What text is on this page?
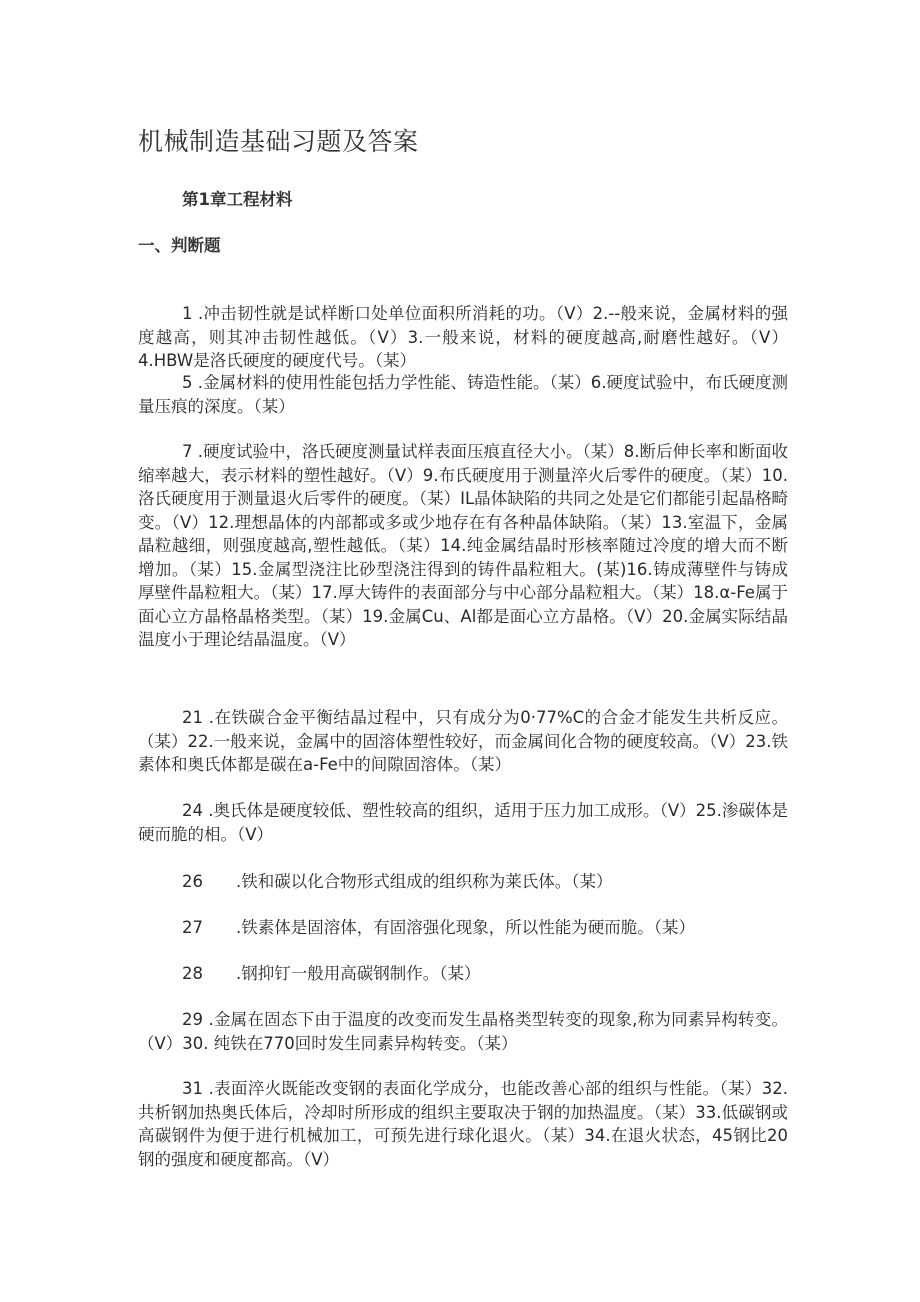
机械制造基础习题及答案
第1章工程材料
一、判断题

1 .冲击韧性就是试样断口处单位面积所消耗的功。（V）2.--般来说，金属材料的强度越高，则其冲击韧性越低。（V）3.一般来说，材料的硬度越高,耐磨性越好。（V）4.HBW是洛氏硬度的硬度代号。（某）

5 .金属材料的使用性能包括力学性能、铸造性能。（某）6.硬度试验中，布氏硬度测量压痕的深度。（某）

7 .硬度试验中，洛氏硬度测量试样表面压痕直径大小。（某）8.断后伸长率和断面收缩率越大，表示材料的塑性越好。（V）9.布氏硬度用于测量淬火后零件的硬度。（某）10.洛氏硬度用于测量退火后零件的硬度。（某）IL晶体缺陷的共同之处是它们都能引起晶格畸变。（V）12.理想晶体的内部都或多或少地存在有各种晶体缺陷。（某）13.室温下，金属晶粒越细，则强度越高,塑性越低。（某）14.纯金属结晶时形核率随过冷度的增大而不断增加。（某）15.金属型浇注比砂型浇注得到的铸件晶粒粗大。(某)16.铸成薄壁件与铸成厚壁件晶粒粗大。（某）17.厚大铸件的表面部分与中心部分晶粒粗大。（某）18.α-Fe属于面心立方晶格晶格类型。（某）19.金属Cu、Al都是面心立方晶格。（V）20.金属实际结晶温度小于理论结晶温度。（V）

21 .在铁碳合金平衡结晶过程中，只有成分为0·77%C的合金才能发生共析反应。（某）22.一般来说，金属中的固溶体塑性较好，而金属间化合物的硬度较高。（V）23.铁素体和奥氏体都是碳在a-Fe中的间隙固溶体。（某）

24 .奥氏体是硬度较低、塑性较高的组织，适用于压力加工成形。（V）25.渗碳体是硬而脆的相。（V）

26　　.铁和碳以化合物形式组成的组织称为莱氏体。（某）

27　　.铁素体是固溶体，有固溶强化现象，所以性能为硬而脆。（某）

28　　.钢抑钉一般用高碳钢制作。（某）

29 .金属在固态下由于温度的改变而发生晶格类型转变的现象,称为同素异构转变。（V）30. 纯铁在770回时发生同素异构转变。（某）

31 .表面淬火既能改变钢的表面化学成分，也能改善心部的组织与性能。（某）32.共析钢加热奥氏体后，冷却时所形成的组织主要取决于钢的加热温度。（某）33.低碳钢或高碳钢件为便于进行机械加工，可预先进行球化退火。（某）34.在退火状态，45钢比20钢的强度和硬度都高。（V）
